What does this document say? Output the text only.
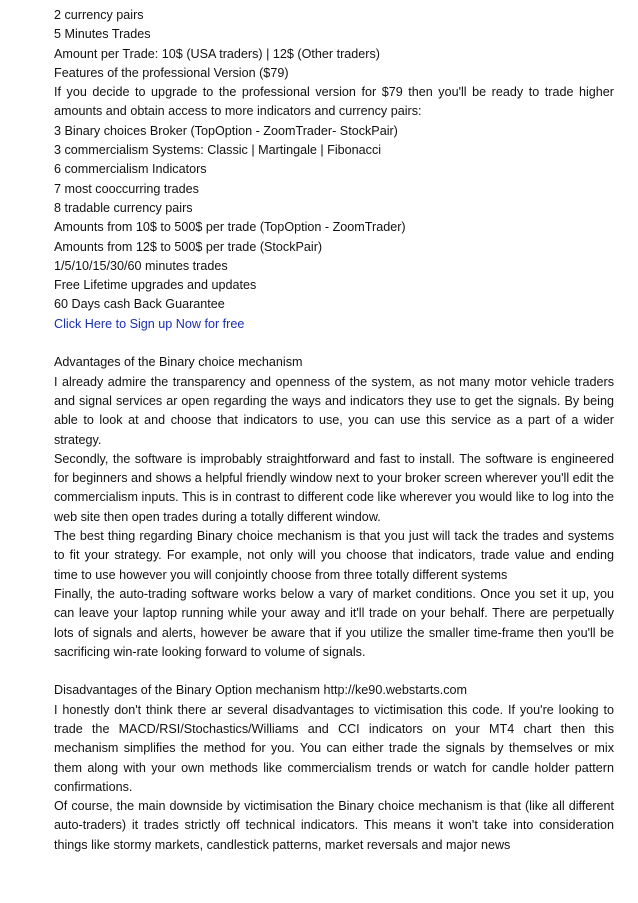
2 currency pairs
5 Minutes Trades
Amount per Trade: 10$ (USA traders) | 12$ (Other traders)
Features of the professional Version ($79)
If you decide to upgrade to the professional version for $79 then you'll be ready to trade higher amounts and obtain access to more indicators and currency pairs:
3 Binary choices Broker (TopOption - ZoomTrader- StockPair)
3 commercialism Systems: Classic | Martingale | Fibonacci
6 commercialism Indicators
7 most cooccurring trades
8 tradable currency pairs
Amounts from 10$ to 500$ per trade (TopOption - ZoomTrader)
Amounts from 12$ to 500$ per trade (StockPair)
1/5/10/15/30/60 minutes trades
Free Lifetime upgrades and updates
60 Days cash Back Guarantee
Click Here to Sign up Now for free
Advantages of the Binary choice mechanism
I already admire the transparency and openness of the system, as not many motor vehicle traders and signal services ar open regarding the ways and indicators they use to get the signals. By being able to look at and choose that indicators to use, you can use this service as a part of a wider strategy.
Secondly, the software is improbably straightforward and fast to install. The software is engineered for beginners and shows a helpful friendly window next to your broker screen wherever you'll edit the commercialism inputs. This is in contrast to different code like wherever you would like to log into the web site then open trades during a totally different window.
The best thing regarding Binary choice mechanism is that you just will tack the trades and systems to fit your strategy. For example, not only will you choose that indicators, trade value and ending time to use however you will conjointly choose from three totally different systems
Finally, the auto-trading software works below a vary of market conditions. Once you set it up, you can leave your laptop running while your away and it'll trade on your behalf. There are perpetually lots of signals and alerts, however be aware that if you utilize the smaller time-frame then you'll be sacrificing win-rate looking forward to volume of signals.
Disadvantages of the Binary Option mechanism http://ke90.webstarts.com
I honestly don't think there ar several disadvantages to victimisation this code. If you're looking to trade the MACD/RSI/Stochastics/Williams and CCI indicators on your MT4 chart then this mechanism simplifies the method for you. You can either trade the signals by themselves or mix them along with your own methods like commercialism trends or watch for candle holder pattern confirmations.
Of course, the main downside by victimisation the Binary choice mechanism is that (like all different auto-traders) it trades strictly off technical indicators. This means it won't take into consideration things like stormy markets, candlestick patterns, market reversals and major news
